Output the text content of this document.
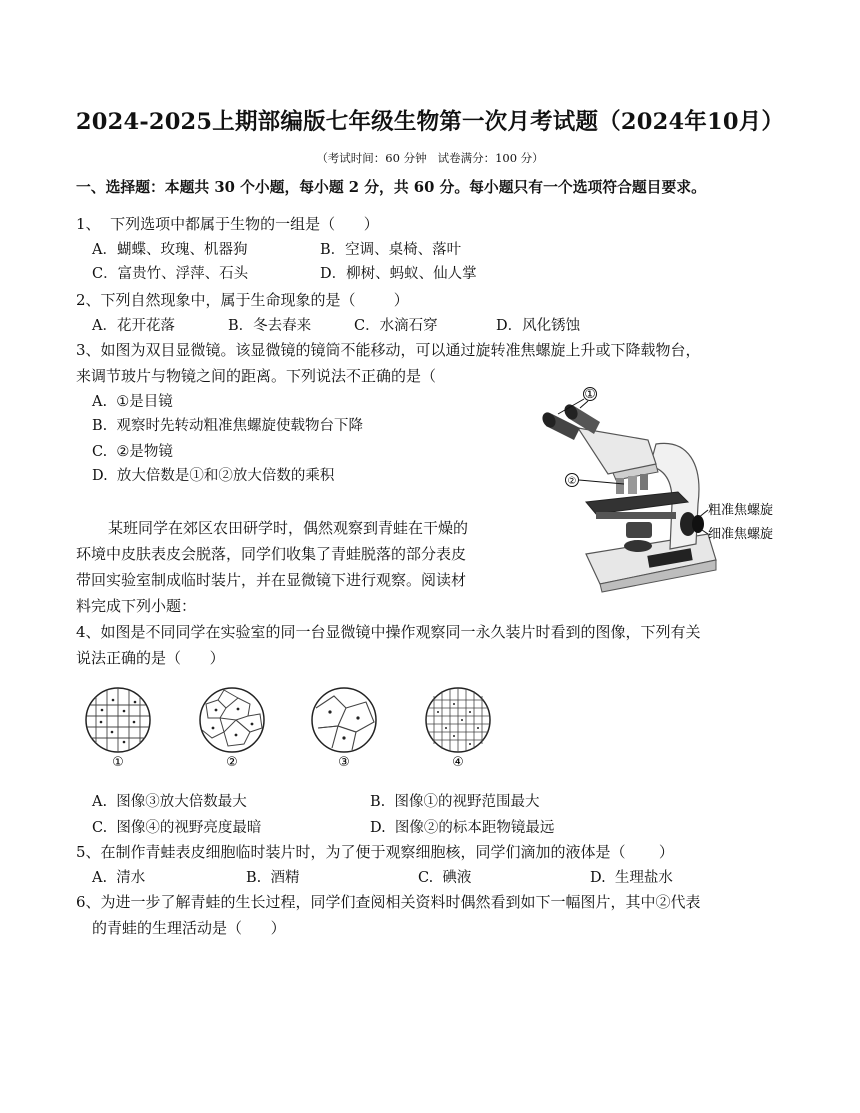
2024-2025上期部编版七年级生物第一次月考试题（2024年10月）
（考试时间：60 分钟   试卷满分：100 分）
一、选择题：本题共 30 个小题，每小题 2 分，共 60 分。每小题只有一个选项符合题目要求。
1、  下列选项中都属于生物的一组是（      ）
A．蝴蝶、玫瑰、机器狗	B．空调、桌椅、落叶
C．富贵竹、浮萍、石头	D．柳树、蚂蚁、仙人掌
2、下列自然现象中，属于生命现象的是（        ）
A．花开花落	B．冬去春来	C．水滴石穿	D．风化锈蚀
3、如图为双目显微镜。该显微镜的镜筒不能移动，可以通过旋转准焦螺旋上升或下降载物台，
来调节玻片与物镜之间的距离。下列说法不正确的是（
A.  ①是目镜
B.  观察时先转动粗准焦螺旋使载物台下降
C.  ②是物镜
D.  放大倍数是①和②放大倍数的乘积
①
②
粗准焦螺旋
细准焦螺旋
某班同学在郊区农田研学时，偶然观察到青蛙在干燥的
环境中皮肤表皮会脱落，同学们收集了青蛙脱落的部分表皮
带回实验室制成临时装片，并在显微镜下进行观察。阅读材
料完成下列小题：
4、如图是不同同学在实验室的同一台显微镜中操作观察同一永久装片时看到的图像，下列有关
说法正确的是（      ）
①	②	③	④
A.  图像③放大倍数最大	B.  图像①的视野范围最大
C.  图像④的视野亮度最暗	D.  图像②的标本距物镜最远
5、在制作青蛙表皮细胞临时装片时，为了便于观察细胞核，同学们滴加的液体是（       ）
A.  清水	B.  酒精	C.  碘液	D.  生理盐水
6、为进一步了解青蛙的生长过程，同学们查阅相关资料时偶然看到如下一幅图片，其中②代表
的青蛙的生理活动是（      ）
